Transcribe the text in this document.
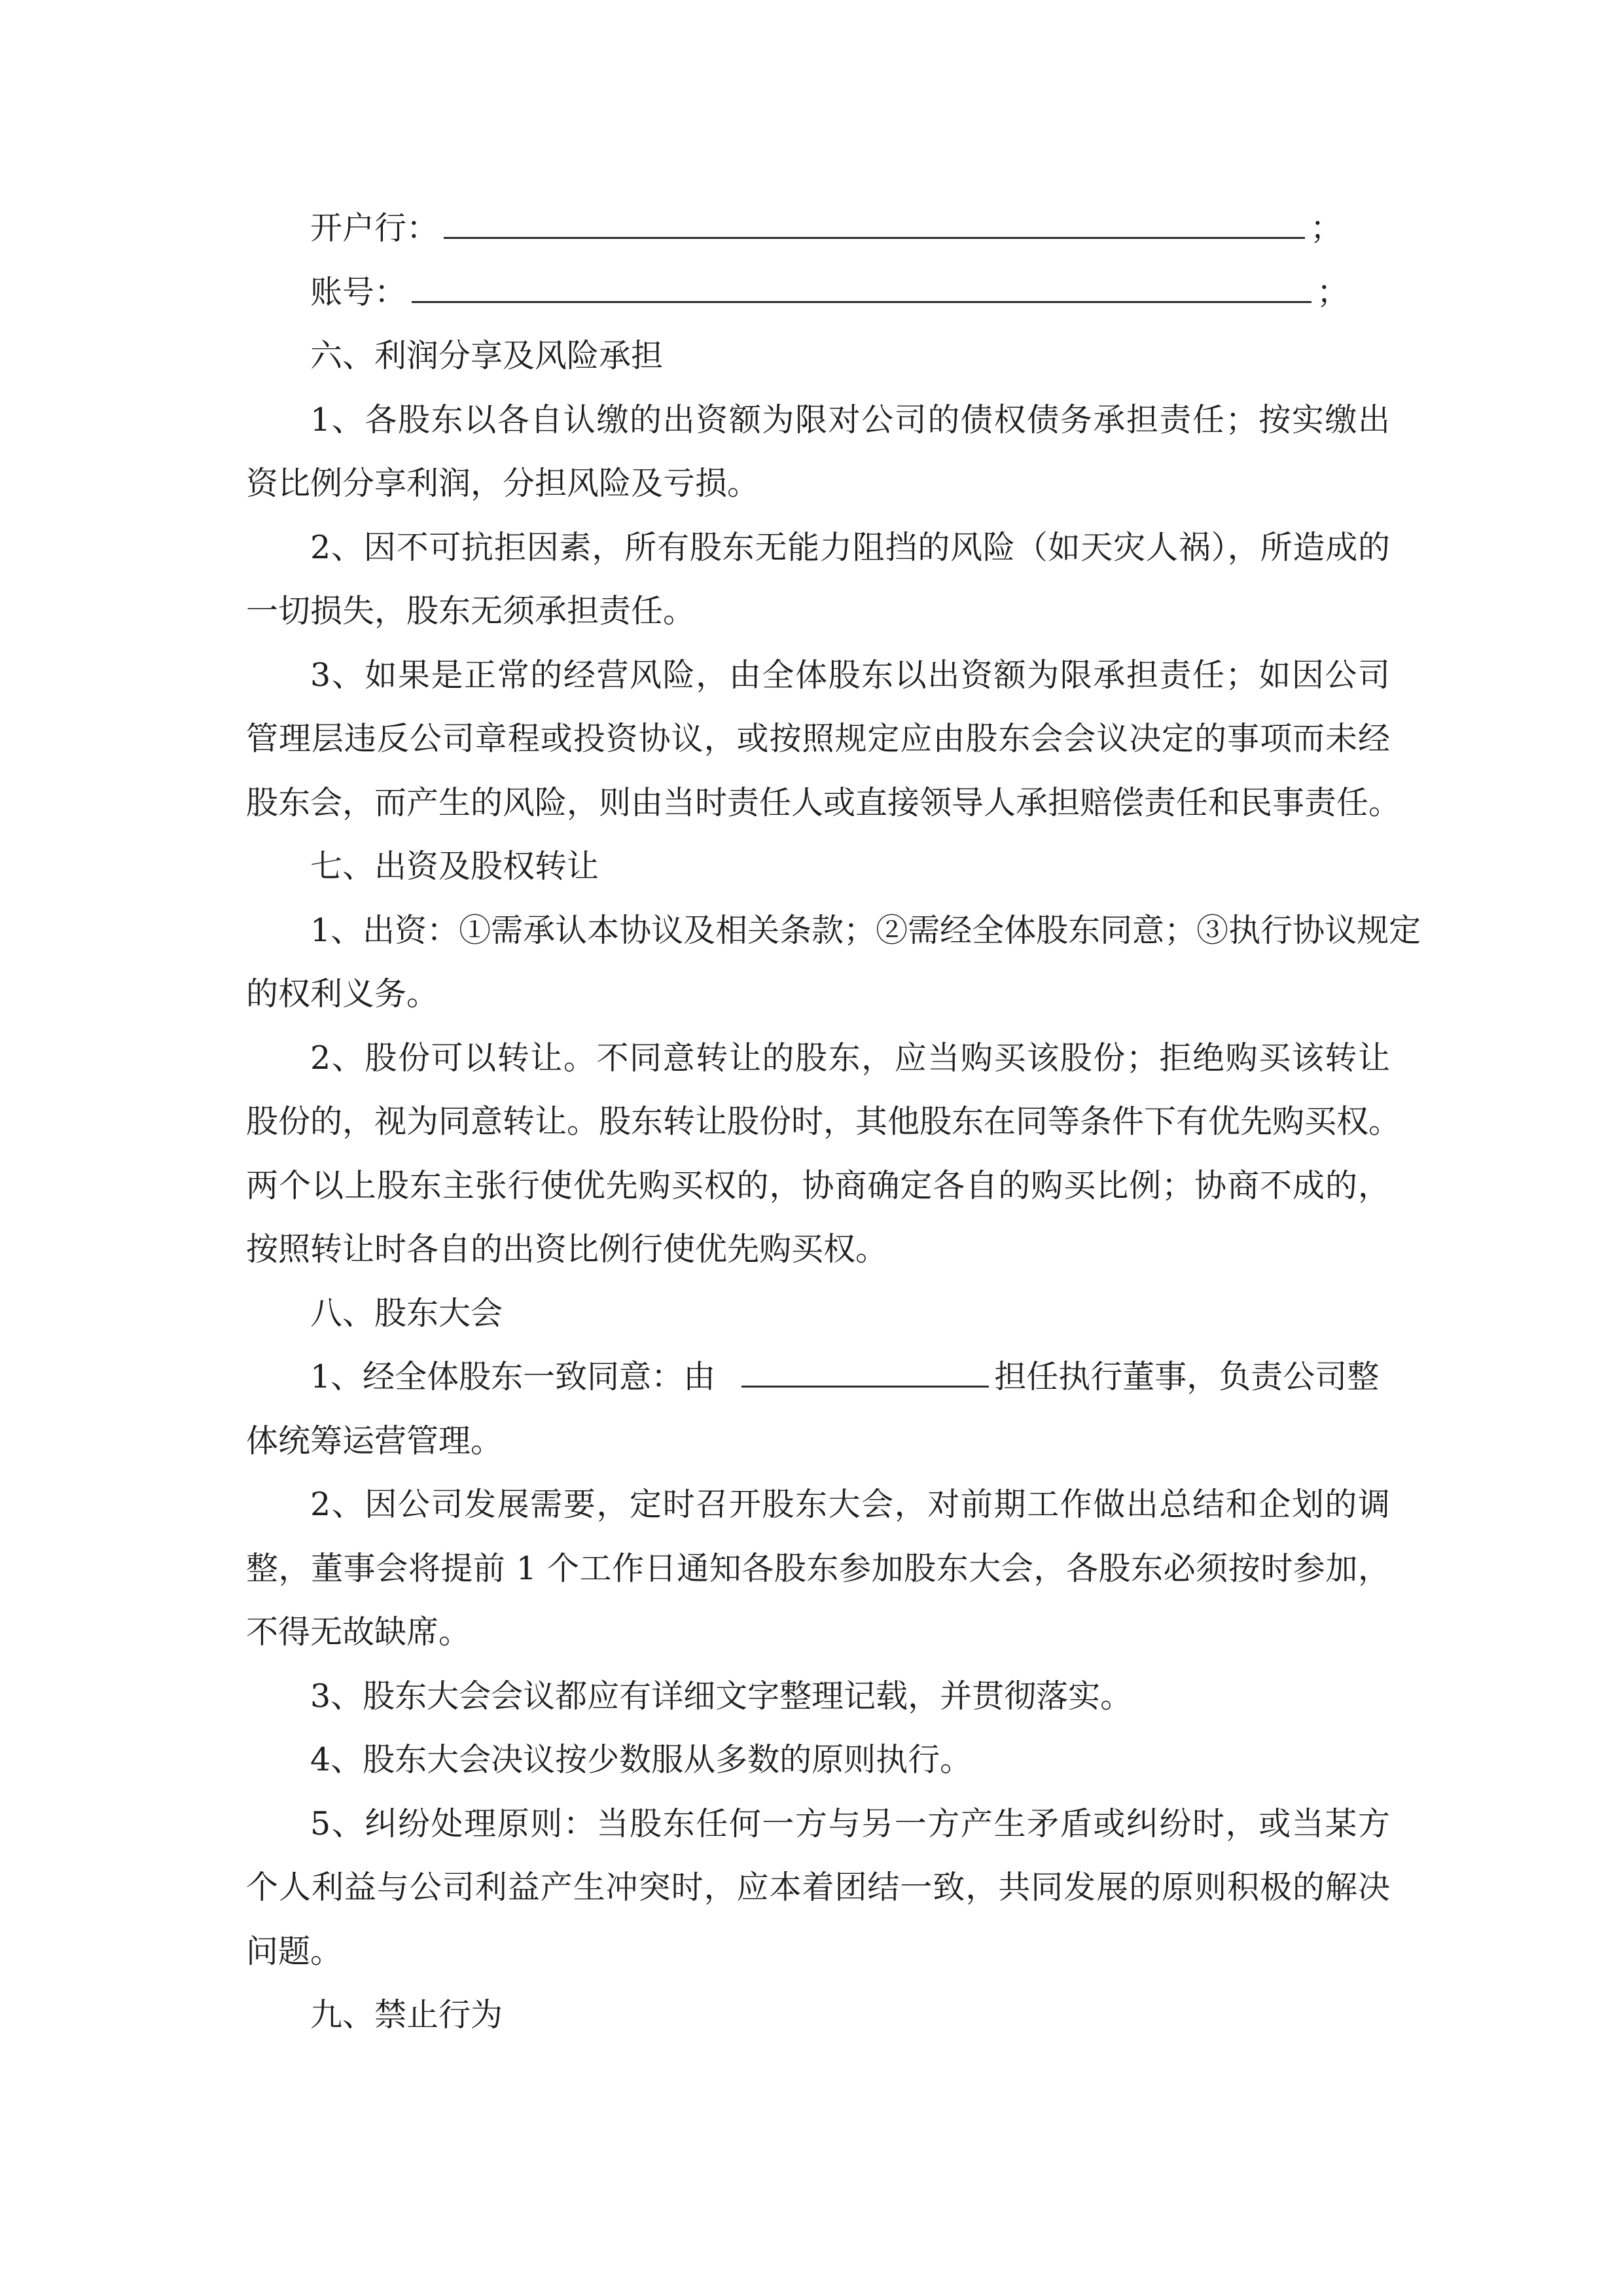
开户行：	；
账号：	；
六、利润分享及风险承担
1、各股东以各自认缴的出资额为限对公司的债权债务承担责任；按实缴出
资比例分享利润，分担风险及亏损。
2、因不可抗拒因素，所有股东无能力阻挡的风险（如天灾人祸），所造成的
一切损失，股东无须承担责任。
3、如果是正常的经营风险，由全体股东以出资额为限承担责任；如因公司
管理层违反公司章程或投资协议，或按照规定应由股东会会议决定的事项而未经
股东会，而产生的风险，则由当时责任人或直接领导人承担赔偿责任和民事责任。
七、出资及股权转让
1、出资：①需承认本协议及相关条款；②需经全体股东同意；③执行协议规定
的权利义务。
2、股份可以转让。不同意转让的股东，应当购买该股份；拒绝购买该转让
股份的，视为同意转让。股东转让股份时，其他股东在同等条件下有优先购买权。
两个以上股东主张行使优先购买权的，协商确定各自的购买比例；协商不成的，
按照转让时各自的出资比例行使优先购买权。
八、股东大会
1、经全体股东一致同意：由	担任执行董事，负责公司整
体统筹运营管理。
2、因公司发展需要，定时召开股东大会，对前期工作做出总结和企划的调
整，董事会将提前 1 个工作日通知各股东参加股东大会，各股东必须按时参加，
不得无故缺席。
3、股东大会会议都应有详细文字整理记载，并贯彻落实。
4、股东大会决议按少数服从多数的原则执行。
5、纠纷处理原则：当股东任何一方与另一方产生矛盾或纠纷时，或当某方
个人利益与公司利益产生冲突时，应本着团结一致，共同发展的原则积极的解决
问题。
九、禁止行为
